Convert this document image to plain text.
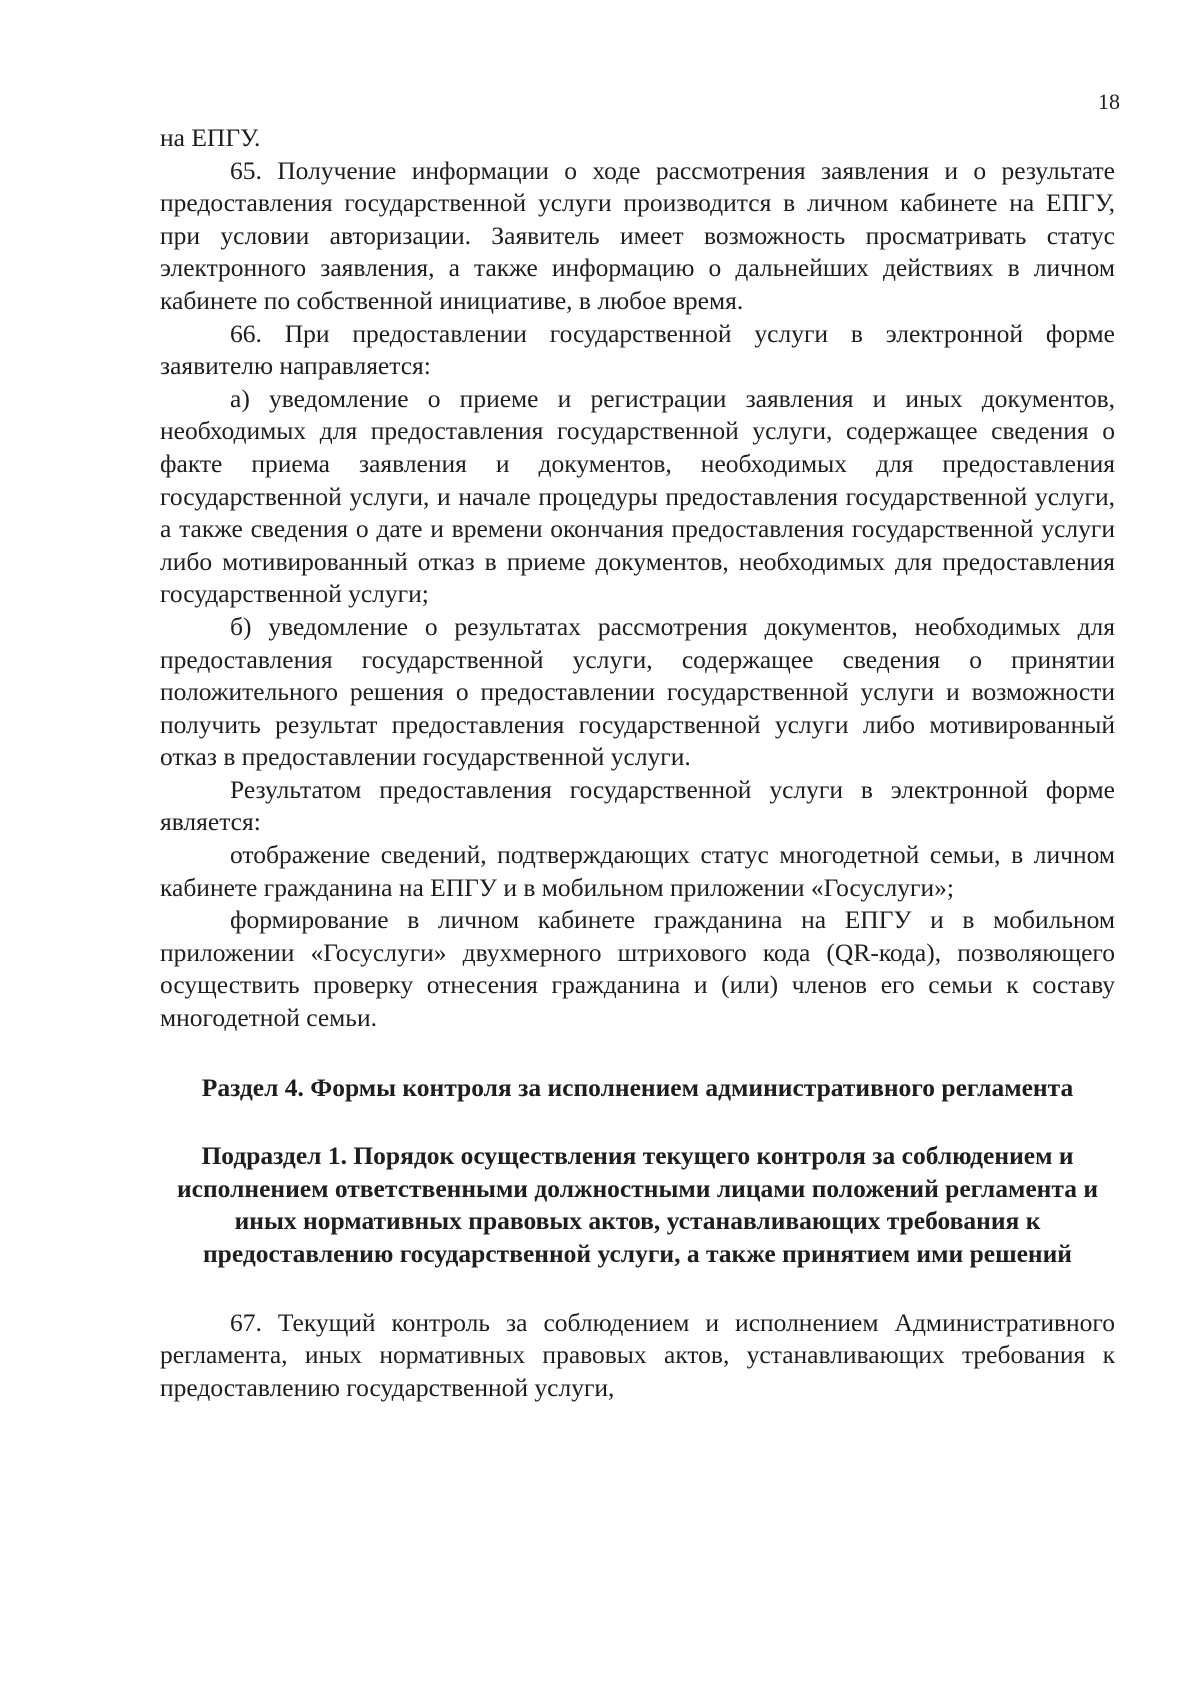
18

на ЕПГУ.

65. Получение информации о ходе рассмотрения заявления и о результате предоставления государственной услуги производится в личном кабинете на ЕПГУ, при условии авторизации. Заявитель имеет возможность просматривать статус электронного заявления, а также информацию о дальнейших действиях в личном кабинете по собственной инициативе, в любое время.

66. При предоставлении государственной услуги в электронной форме заявителю направляется:

а) уведомление о приеме и регистрации заявления и иных документов, необходимых для предоставления государственной услуги, содержащее сведения о факте приема заявления и документов, необходимых для предоставления государственной услуги, и начале процедуры предоставления государственной услуги, а также сведения о дате и времени окончания предоставления государственной услуги либо мотивированный отказ в приеме документов, необходимых для предоставления государственной услуги;

б) уведомление о результатах рассмотрения документов, необходимых для предоставления государственной услуги, содержащее сведения о принятии положительного решения о предоставлении государственной услуги и возможности получить результат предоставления государственной услуги либо мотивированный отказ в предоставлении государственной услуги.

Результатом предоставления государственной услуги в электронной форме является:

отображение сведений, подтверждающих статус многодетной семьи, в личном кабинете гражданина на ЕПГУ и в мобильном приложении «Госуслуги»;

формирование в личном кабинете гражданина на ЕПГУ и в мобильном приложении «Госуслуги» двухмерного штрихового кода (QR-кода), позволяющего осуществить проверку отнесения гражданина и (или) членов его семьи к составу многодетной семьи.

Раздел 4. Формы контроля за исполнением административного регламента
Подраздел 1. Порядок осуществления текущего контроля за соблюдением и исполнением ответственными должностными лицами положений регламента и иных нормативных правовых актов, устанавливающих требования к предоставлению государственной услуги, а также принятием ими решений

67. Текущий контроль за соблюдением и исполнением Административного регламента, иных нормативных правовых актов, устанавливающих требования к предоставлению государственной услуги,
